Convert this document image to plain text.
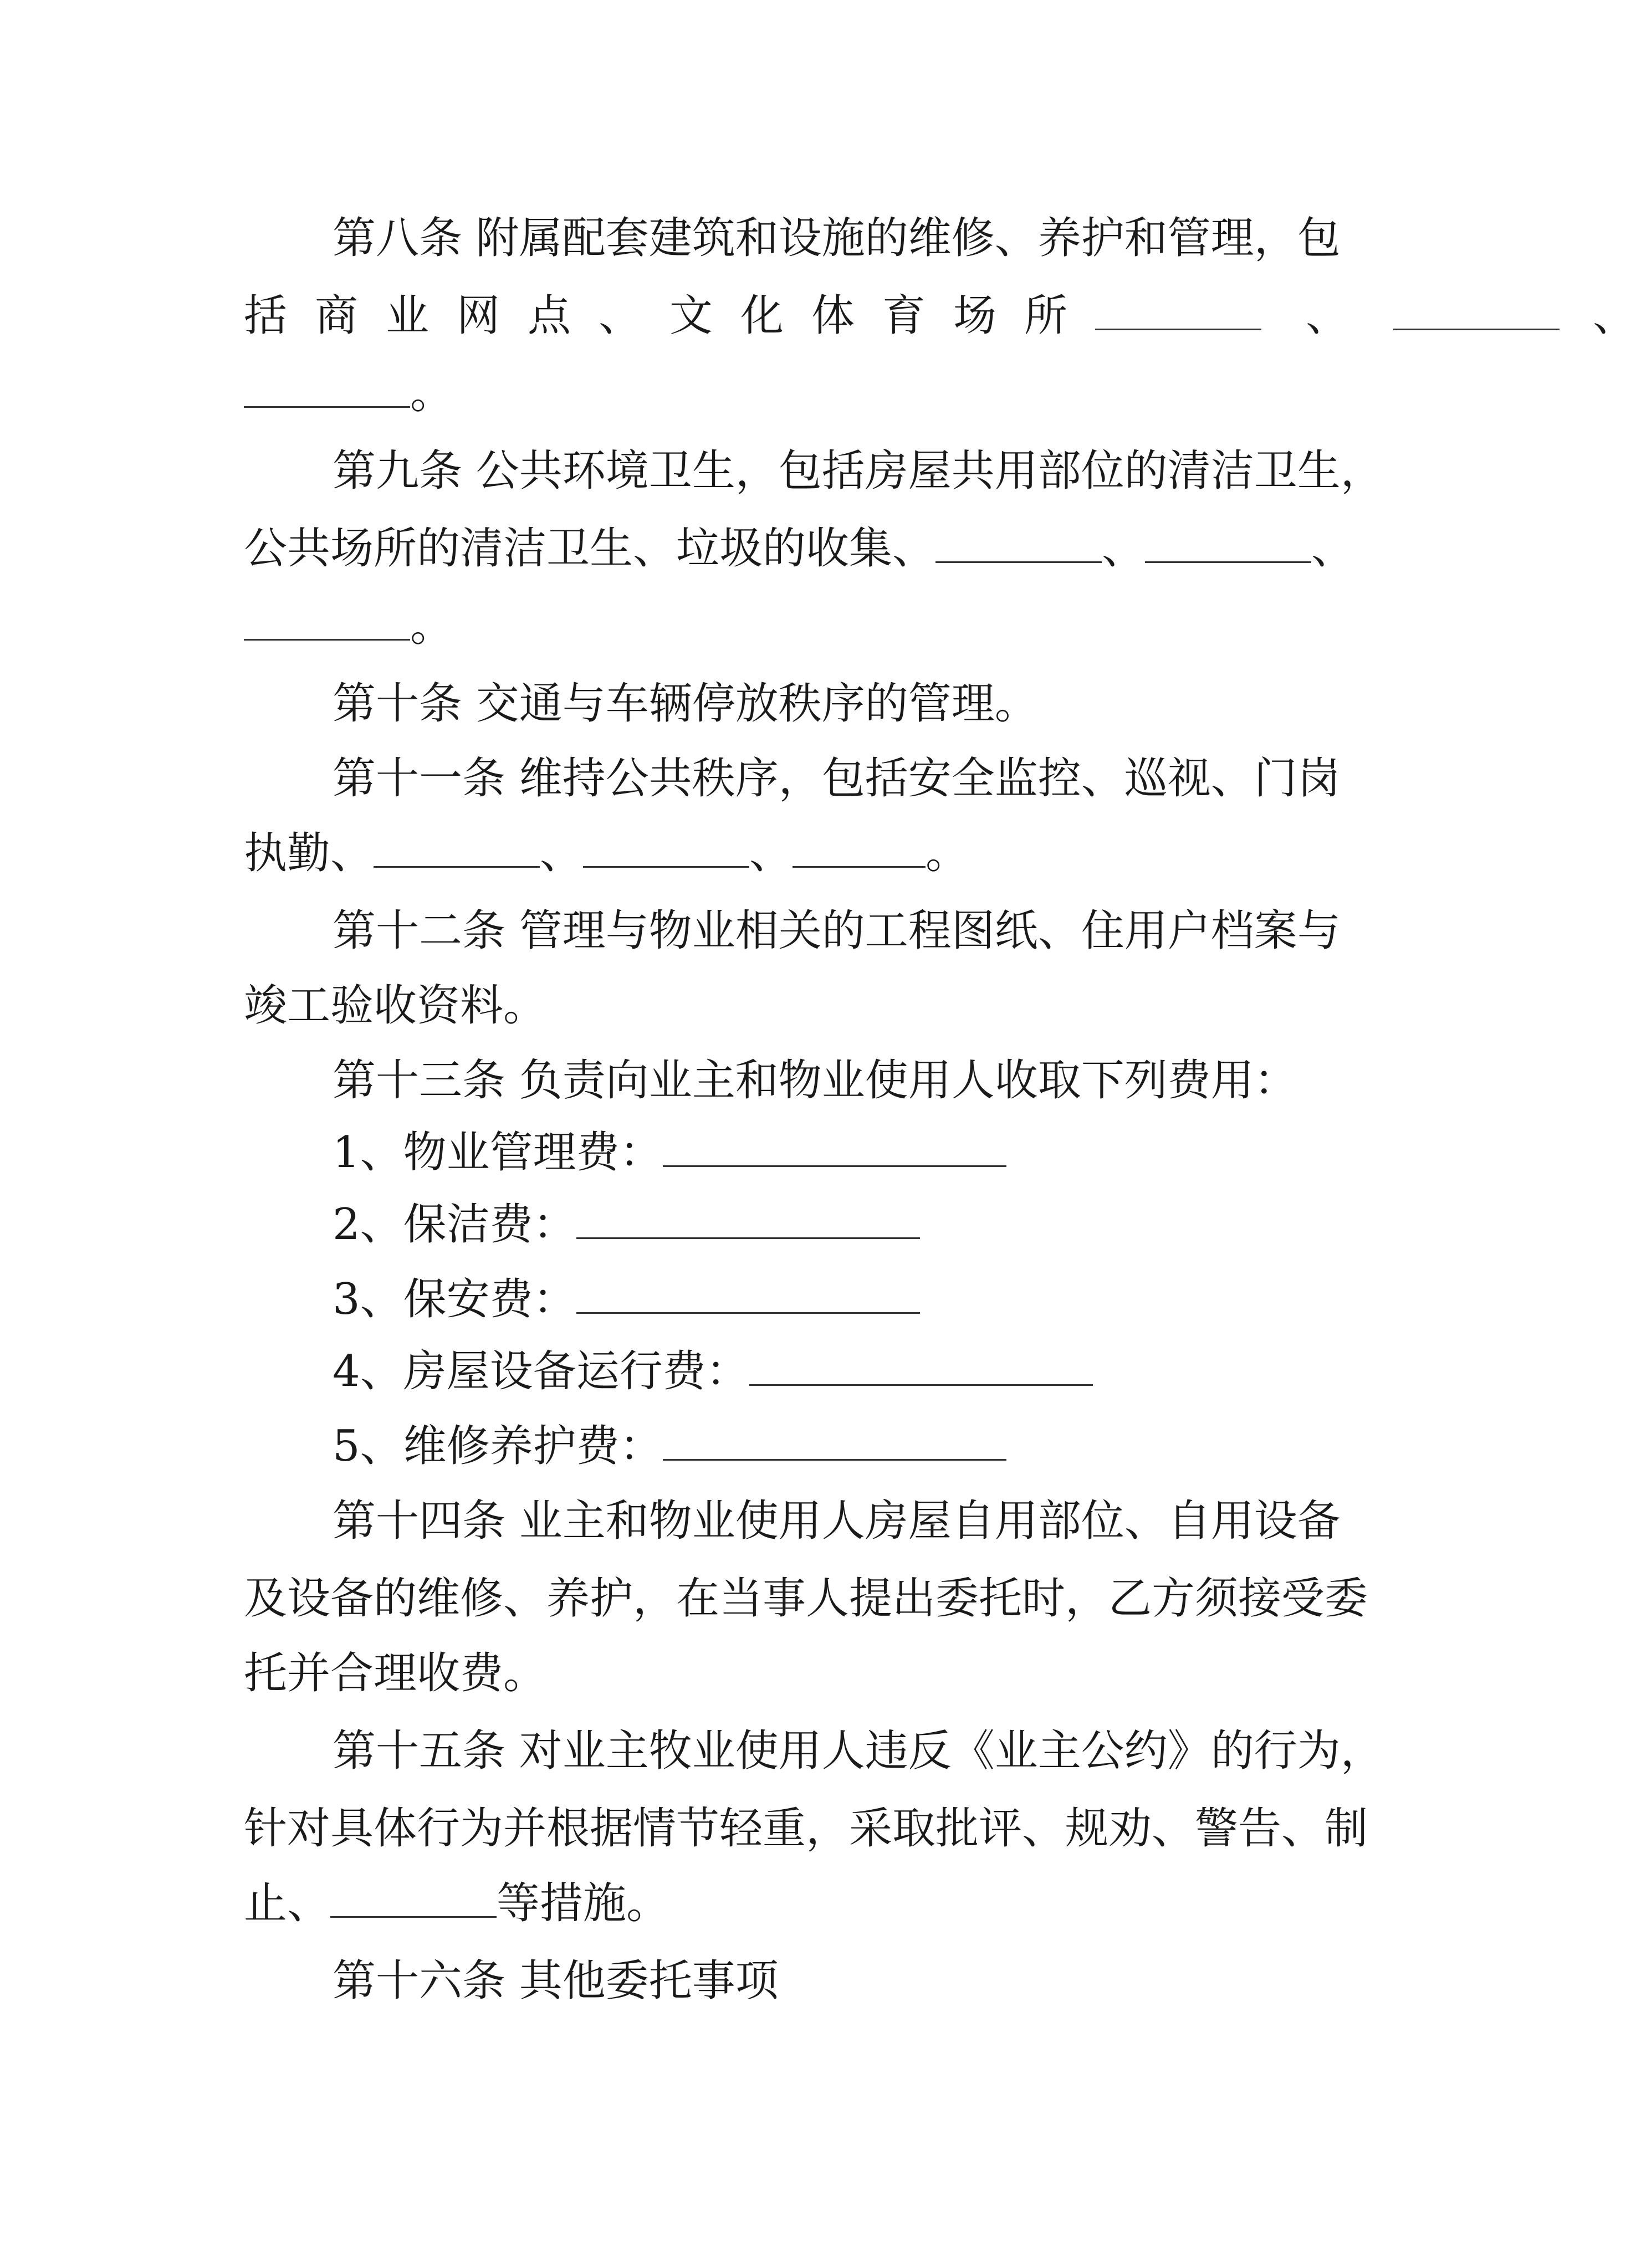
第八条 附属配套建筑和设施的维修、养护和管理，包
括商业网点、文化体育场所	、	、
。
第九条 公共环境卫生，包括房屋共用部位的清洁卫生，
公共场所的清洁卫生、垃圾的收集、	、	、
。
第十条 交通与车辆停放秩序的管理。
第十一条 维持公共秩序，包括安全监控、巡视、门岗
执勤、	、	、	。
第十二条 管理与物业相关的工程图纸、住用户档案与
竣工验收资料。
第十三条 负责向业主和物业使用人收取下列费用：
1、物业管理费：
2、保洁费：
3、保安费：
4、房屋设备运行费：
5、维修养护费：
第十四条 业主和物业使用人房屋自用部位、自用设备
及设备的维修、养护，在当事人提出委托时，乙方须接受委
托并合理收费。
第十五条 对业主牧业使用人违反《业主公约》的行为，
针对具体行为并根据情节轻重，采取批评、规劝、警告、制
止、	等措施。
第十六条 其他委托事项
